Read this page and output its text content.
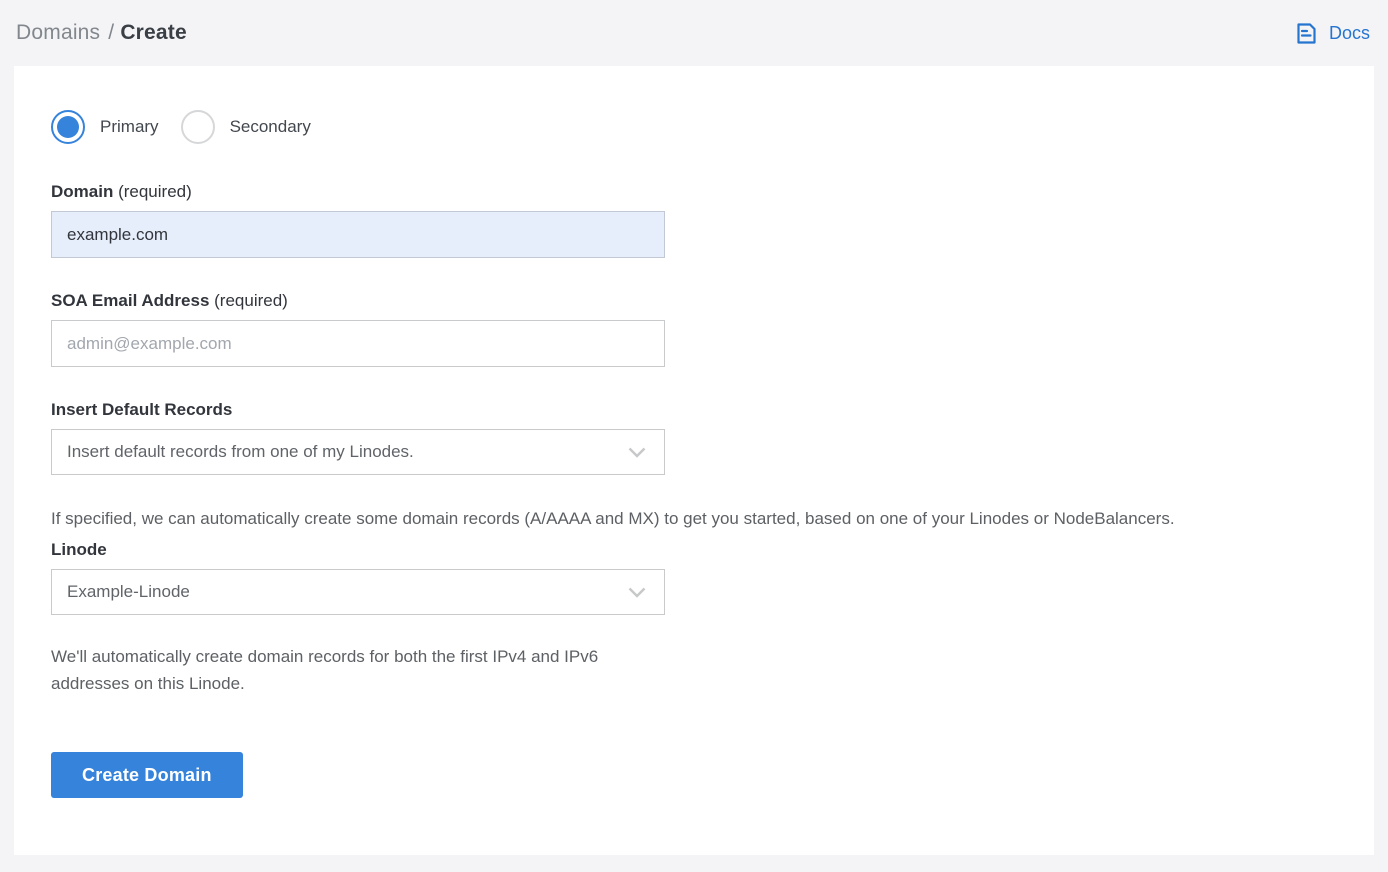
Domains / Create	Docs
Primary	Secondary
Domain (required)
example.com
SOA Email Address (required)
admin@example.com
Insert Default Records
Insert default records from one of my Linodes.

If specified, we can automatically create some domain records (A/AAAA and MX) to get you started, based on one of your Linodes or NodeBalancers.

Linode
Example-Linode

We'll automatically create domain records for both the first IPv4 and IPv6 addresses on this Linode.

Create Domain
